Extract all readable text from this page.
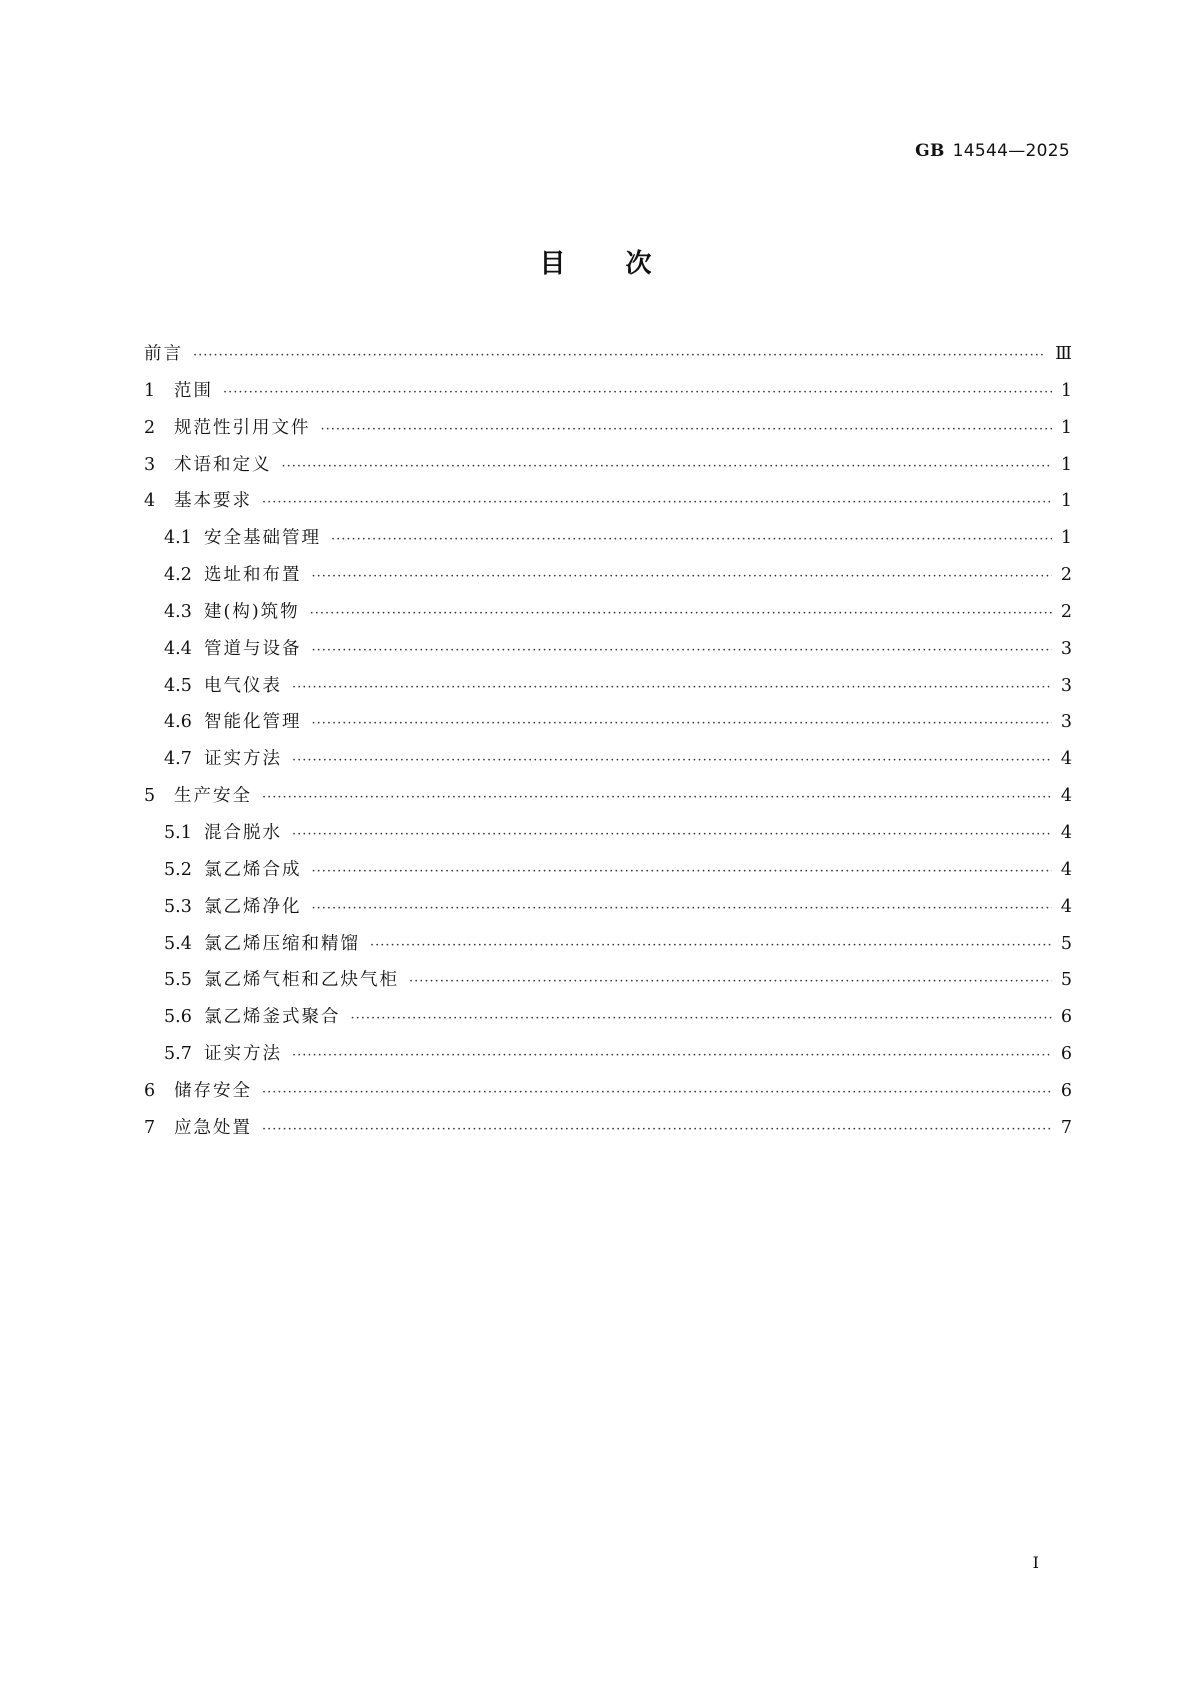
GB 14544—2025
目次
前言 ·····	Ⅲ
1	范围 ·····	1
2	规范性引用文件 ·····	1
3	术语和定义 ·····	1
4	基本要求 ·····	1
4.1 安全基础管理 ·····	1
4.2 选址和布置 ·····	2
4.3 建(构)筑物 ·····	2
4.4 管道与设备 ·····	3
4.5 电气仪表 ·····	3
4.6 智能化管理 ·····	3
4.7 证实方法 ·····	4
5	生产安全 ·····	4
5.1 混合脱水 ·····	4
5.2 氯乙烯合成 ·····	4
5.3 氯乙烯净化 ·····	4
5.4 氯乙烯压缩和精馏 ·····	5
5.5 氯乙烯气柜和乙炔气柜 ·····	5
5.6 氯乙烯釜式聚合 ·····	6
5.7 证实方法 ·····	6
6	储存安全 ·····	6
7	应急处置 ·····	7
I
